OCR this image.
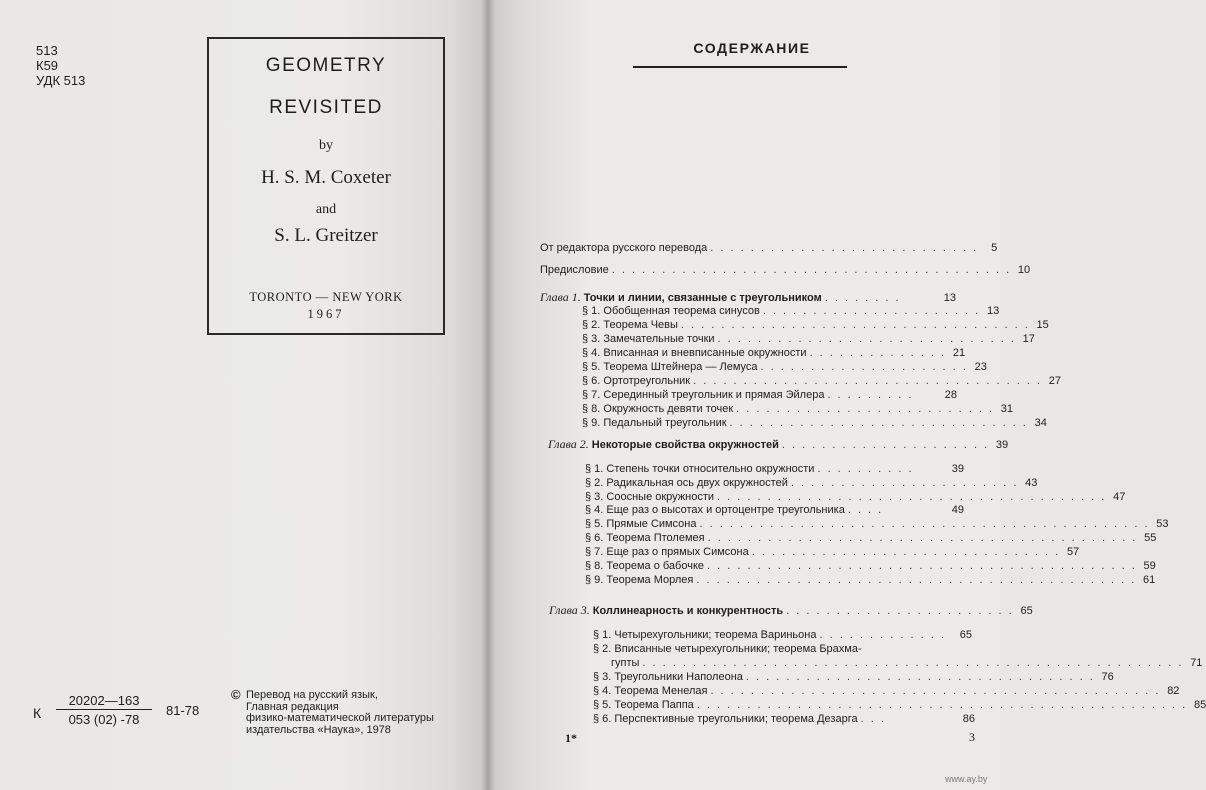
513
К59
УДК 513
GEOMETRY
REVISITED
by
H. S. M. Coxeter
and
S. L. Greitzer
TORONTO — NEW YORK
1967
К
20202—163
053 (02) -78
81-78
© Перевод на русский язык,
Главная редакция
физико-математической литературы
издательства «Наука», 1978
СОДЕРЖАНИЕ
От редактора русского перевода . . . . . . . . . . . . . . . . . . . . . . . . . . .	5
Предисловие . . . . . . . . . . . . . . . . . . . . . . . . . . . . . . . . . . . . . . . . 10
Глава 1. Точки и линии, связанные с треугольником . . . . . . . .	13
§ 1. Обобщенная теорема синусов . . . . . . . . . . . . . . . . . . . . . . 13
§ 2. Теорема Чевы . . . . . . . . . . . . . . . . . . . . . . . . . . . . . . . . . . . 15
§ 3. Замечательные точки . . . . . . . . . . . . . . . . . . . . . . . . . . . . . . 17
§ 4. Вписанная и вневписанные окружности . . . . . . . . . . . . . . 21
§ 5. Теорема Штейнера — Лемуса . . . . . . . . . . . . . . . . . . . . . 23
§ 6. Ортотреугольник . . . . . . . . . . . . . . . . . . . . . . . . . . . . . . . . . . . 27
§ 7. Серединный треугольник и прямая Эйлера . . . . . . . . .	28
§ 8. Окружность девяти точек . . . . . . . . . . . . . . . . . . . . . . . . . . 31
§ 9. Педальный треугольник . . . . . . . . . . . . . . . . . . . . . . . . . . . . . . 34
Глава 2. Некоторые свойства окружностей . . . . . . . . . . . . . . . . . . . . . 39
§ 1. Степень точки относительно окружности . . . . . . . . . .	39
§ 2. Радикальная ось двух окружностей . . . . . . . . . . . . . . . . . . . . . . . 43
§ 3. Соосные окружности . . . . . . . . . . . . . . . . . . . . . . . . . . . . . . . . . . . . . . . 47
§ 4. Еще раз о высотах и ортоцентре треугольника . . . .	49
§ 5. Прямые Симсона . . . . . . . . . . . . . . . . . . . . . . . . . . . . . . . . . . . . . . . . . . . . . 53
§ 6. Теорема Птолемея . . . . . . . . . . . . . . . . . . . . . . . . . . . . . . . . . . . . . . . . . . . 55
§ 7. Еще раз о прямых Симсона . . . . . . . . . . . . . . . . . . . . . . . . . . . . . . . 57
§ 8. Теорема о бабочке . . . . . . . . . . . . . . . . . . . . . . . . . . . . . . . . . . . . . . . . . . . 59
§ 9. Теорема Морлея . . . . . . . . . . . . . . . . . . . . . . . . . . . . . . . . . . . . . . . . . . . . 61
Глава 3. Коллинеарность и конкурентность . . . . . . . . . . . . . . . . . . . . . . . 65
§ 1. Четырехугольники; теорема Вариньона . . . . . . . . . . . . .	65
§ 2. Вписанные четырехугольники; теорема Брахма-
гупты . . . . . . . . . . . . . . . . . . . . . . . . . . . . . . . . . . . . . . . . . . . . . . . . . . . . . . 71
§ 3. Треугольники Наполеона . . . . . . . . . . . . . . . . . . . . . . . . . . . . . . . . . . . 76
§ 4. Теорема Менелая . . . . . . . . . . . . . . . . . . . . . . . . . . . . . . . . . . . . . . . . . . . . . 82
§ 5. Теорема Паппа . . . . . . . . . . . . . . . . . . . . . . . . . . . . . . . . . . . . . . . . . . . . . . . . . 85
§ 6. Перспективные треугольники; теорема Дезарга . . .	86
1*	3
www.ay.by
